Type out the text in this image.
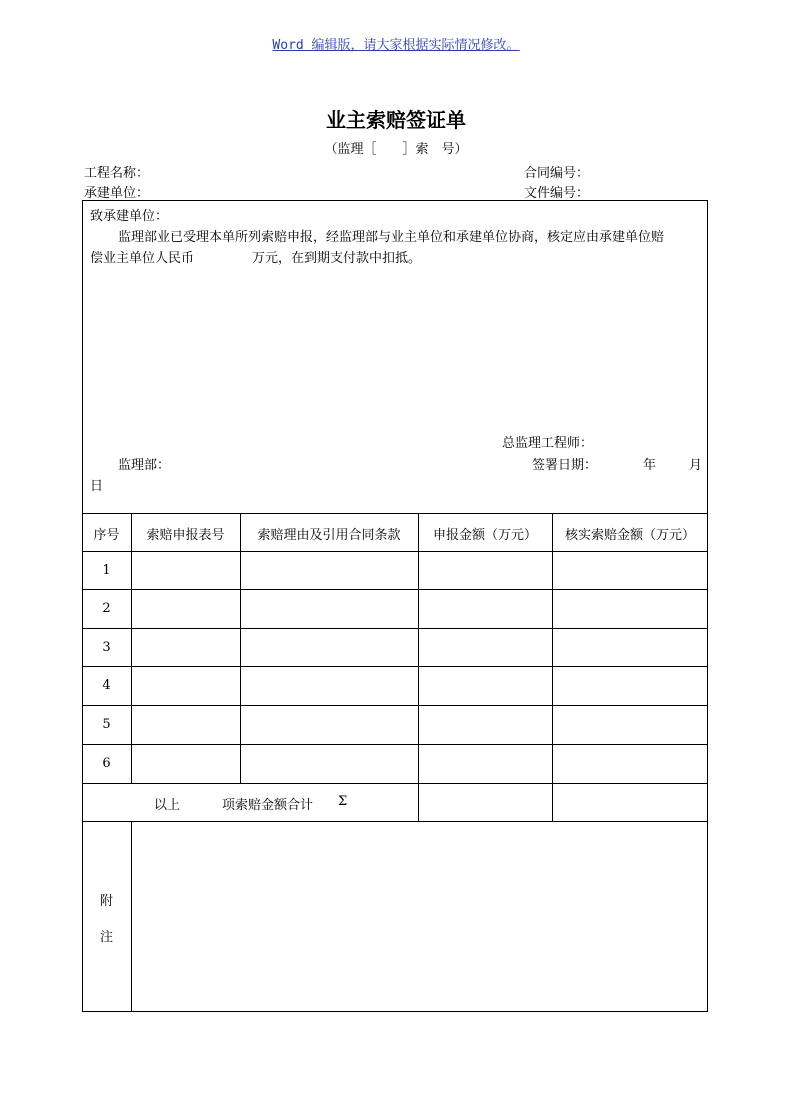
Word 编辑版，请大家根据实际情况修改。
业主索赔签证单
（监理［　　］索　号）
工程名称：	合同编号：
承建单位：	文件编号：
致承建单位：
监理部业已受理本单所列索赔申报，经监理部与业主单位和承建单位协商，核定应由承建单位赔
偿业主单位人民币	万元，在到期支付款中扣抵。
总监理工程师：
监理部：	签署日期：	年	月
日
序号	索赔申报表号	索赔理由及引用合同条款	申报金额（万元）	核实索赔金额（万元）
1
2
3
4
5
6
以上	项索赔金额合计 Σ
附
注
